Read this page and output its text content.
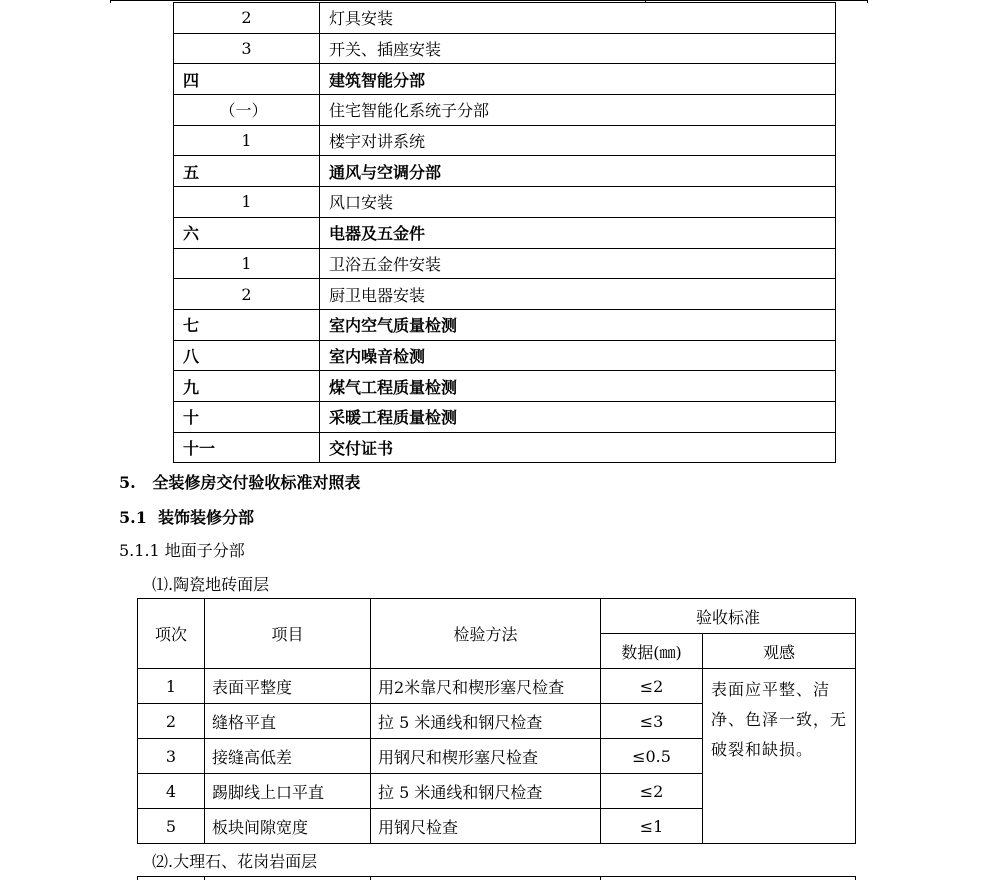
2	灯具安装
3	开关、插座安装
四	建筑智能分部
（一）	住宅智能化系统子分部
1	楼宇对讲系统
五	通风与空调分部
1	风口安装
六	电器及五金件
1	卫浴五金件安装
2	厨卫电器安装
七	室内空气质量检测
八	室内噪音检测
九	煤气工程质量检测
十	采暖工程质量检测
十一	交付证书
5.   全装修房交付验收标准对照表
5.1  装饰装修分部
5.1.1 地面子分部
⑴.陶瓷地砖面层
项次	项目	检验方法	验收标准	
			数据(㎜)	观感
1	表面平整度	用2米靠尺和楔形塞尺检查	≤2	表面应平整、洁净、色泽一致，无破裂和缺损。
2	缝格平直	拉 5 米通线和钢尺检查	≤3	
3	接缝高低差	用钢尺和楔形塞尺检查	≤0.5	
4	踢脚线上口平直	拉 5 米通线和钢尺检查	≤2	
5	板块间隙宽度	用钢尺检查	≤1	
⑵.大理石、花岗岩面层
